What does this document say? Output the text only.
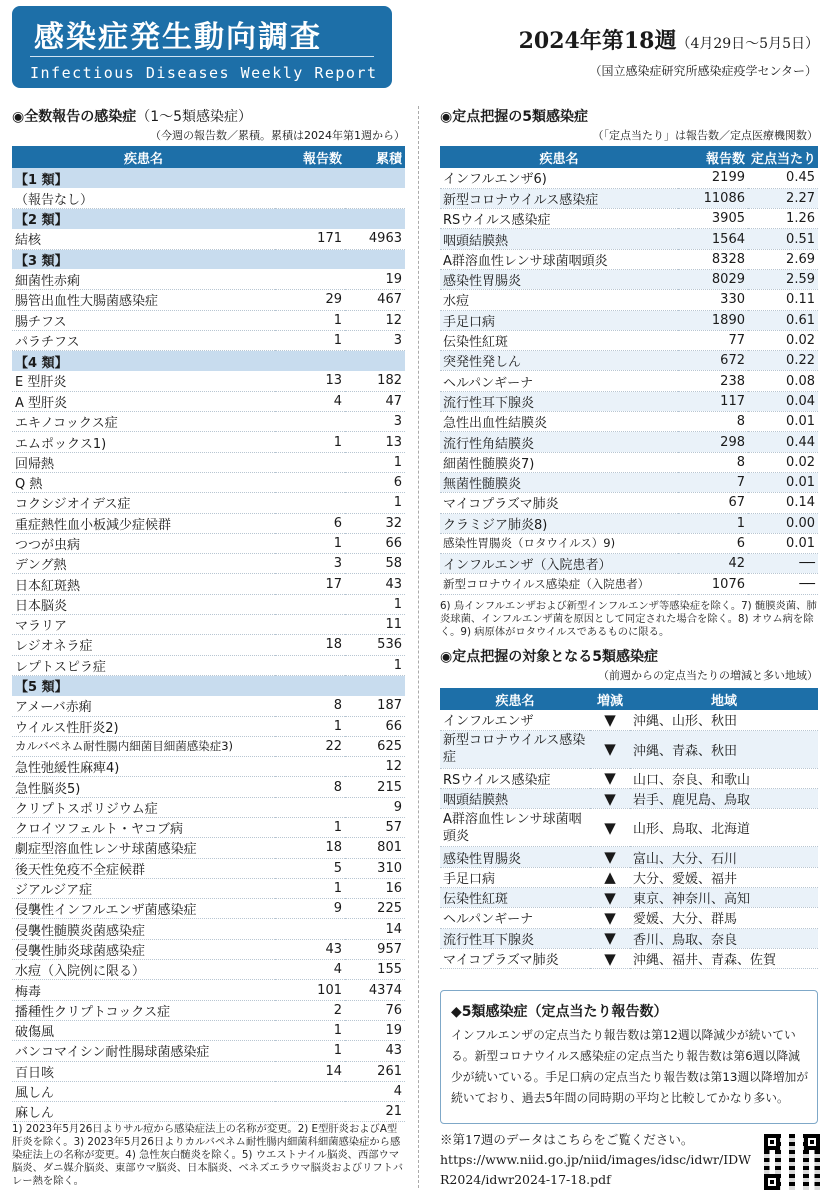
感染症発生動向調査
Infectious Diseases Weekly Report
2024年第18週（4月29日～5月5日）
（国立感染症研究所感染症疫学センター）
◉全数報告の感染症（1～5類感染症）
（今週の報告数／累積。累積は2024年第1週から）
疾患名	報告数	累積
【1 類】		
（報告なし）		
【2 類】		
結核	171	4963
【3 類】		
細菌性赤痢		19
腸管出血性大腸菌感染症	29	467
腸チフス	1	12
パラチフス	1	3
【4 類】		
E 型肝炎	13	182
A 型肝炎	4	47
エキノコックス症		3
エムポックス1)	1	13
回帰熱		1
Q 熱		6
コクシジオイデス症		1
重症熱性血小板減少症候群	6	32
つつが虫病	1	66
デング熱	3	58
日本紅斑熱	17	43
日本脳炎		1
マラリア		11
レジオネラ症	18	536
レプトスピラ症		1
【5 類】		
アメーバ赤痢	8	187
ウイルス性肝炎2)	1	66
カルバペネム耐性腸内細菌目細菌感染症3)	22	625
急性弛緩性麻痺4)		12
急性脳炎5)	8	215
クリプトスポリジウム症		9
クロイツフェルト・ヤコブ病	1	57
劇症型溶血性レンサ球菌感染症	18	801
後天性免疫不全症候群	5	310
ジアルジア症	1	16
侵襲性インフルエンザ菌感染症	9	225
侵襲性髄膜炎菌感染症		14
侵襲性肺炎球菌感染症	43	957
水痘（入院例に限る）	4	155
梅毒	101	4374
播種性クリプトコックス症	2	76
破傷風	1	19
バンコマイシン耐性腸球菌感染症	1	43
百日咳	14	261
風しん		4
麻しん		21
1) 2023年5月26日よりサル痘から感染症法上の名称が変更。2) E型肝炎およびA型肝炎を除く。3) 2023年5月26日よりカルバペネム耐性腸内細菌科細菌感染症から感染症法上の名称が変更。4) 急性灰白髄炎を除く。5) ウエストナイル脳炎、西部ウマ脳炎、ダニ媒介脳炎、東部ウマ脳炎、日本脳炎、ベネズエラウマ脳炎およびリフトバレー熱を除く。
◉定点把握の5類感染症
（「定点当たり」は報告数／定点医療機関数）
疾患名	報告数	定点当たり
インフルエンザ6)	2199	0.45
新型コロナウイルス感染症	11086	2.27
RSウイルス感染症	3905	1.26
咽頭結膜熱	1564	0.51
A群溶血性レンサ球菌咽頭炎	8328	2.69
感染性胃腸炎	8029	2.59
水痘	330	0.11
手足口病	1890	0.61
伝染性紅斑	77	0.02
突発性発しん	672	0.22
ヘルパンギーナ	238	0.08
流行性耳下腺炎	117	0.04
急性出血性結膜炎	8	0.01
流行性角結膜炎	298	0.44
細菌性髄膜炎7)	8	0.02
無菌性髄膜炎	7	0.01
マイコプラズマ肺炎	67	0.14
クラミジア肺炎8)	1	0.00
感染性胃腸炎（ロタウイルス）9)	6	0.01
インフルエンザ（入院患者）	42	──
新型コロナウイルス感染症（入院患者）	1076	──
6) 鳥インフルエンザおよび新型インフルエンザ等感染症を除く。7) 髄膜炎菌、肺炎球菌、インフルエンザ菌を原因として同定された場合を除く。8) オウム病を除く。9) 病原体がロタウイルスであるものに限る。
◉定点把握の対象となる5類感染症
（前週からの定点当たりの増減と多い地域）
疾患名	増減	地域
インフルエンザ	▼	沖縄、山形、秋田
新型コロナウイルス感染症	▼	沖縄、青森、秋田
RSウイルス感染症	▼	山口、奈良、和歌山
咽頭結膜熱	▼	岩手、鹿児島、鳥取
A群溶血性レンサ球菌咽頭炎	▼	山形、鳥取、北海道
感染性胃腸炎	▼	富山、大分、石川
手足口病	▲	大分、愛媛、福井
伝染性紅斑	▼	東京、神奈川、高知
ヘルパンギーナ	▼	愛媛、大分、群馬
流行性耳下腺炎	▼	香川、鳥取、奈良
マイコプラズマ肺炎	▼	沖縄、福井、青森、佐賀
◆5類感染症（定点当たり報告数）
インフルエンザの定点当たり報告数は第12週以降減少が続いている。新型コロナウイルス感染症の定点当たり報告数は第6週以降減少が続いている。手足口病の定点当たり報告数は第13週以降増加が続いており、過去5年間の同時期の平均と比較してかなり多い。
※第17週のデータはこちらをご覧ください。
https://www.niid.go.jp/niid/images/idsc/idwr/IDWR2024/idwr2024-17-18.pdf
